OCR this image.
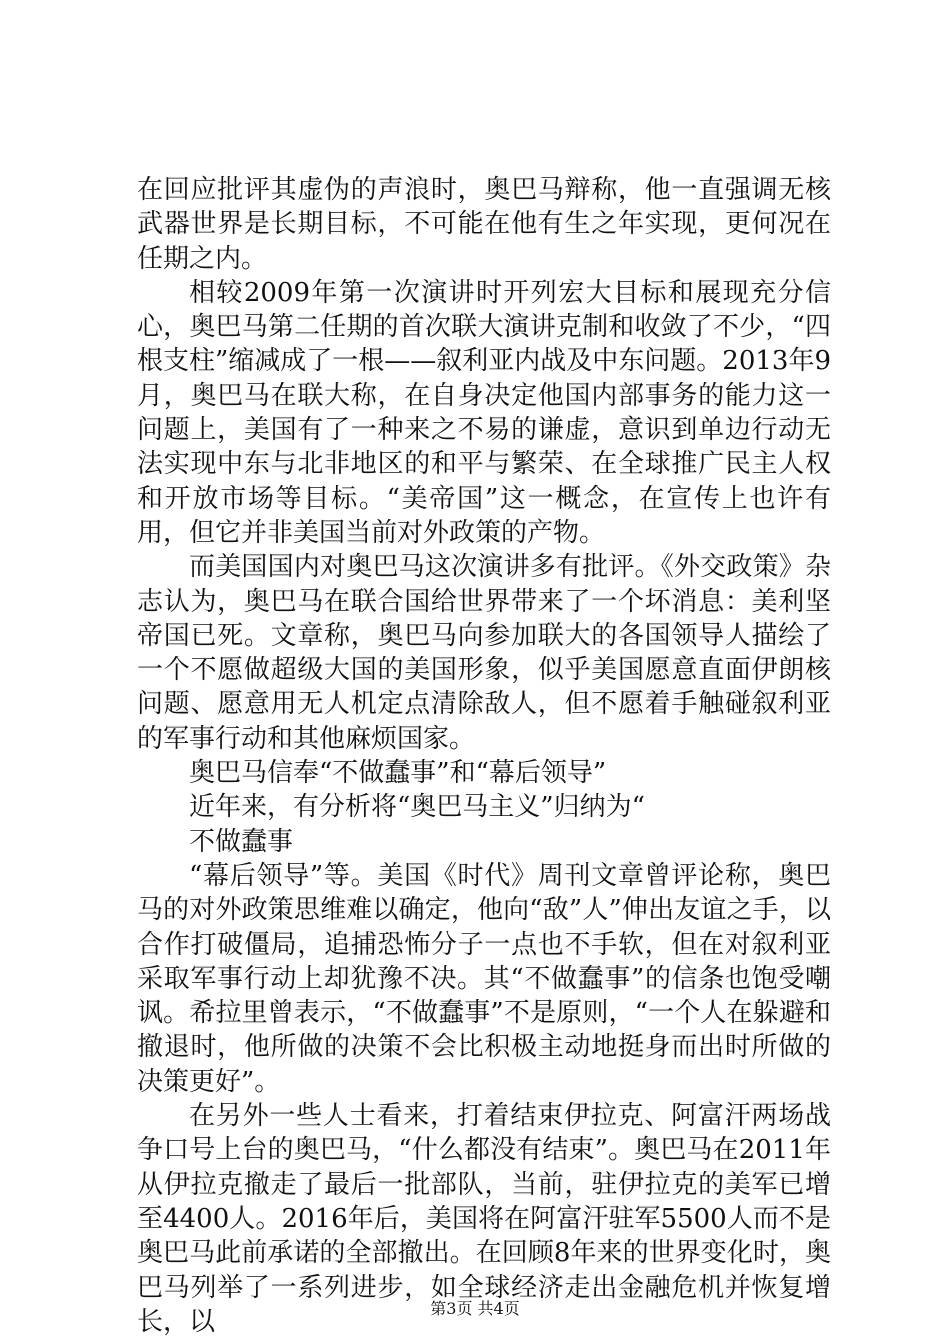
在回应批评其虚伪的声浪时，奥巴马辩称，他一直强调无核武器世界是长期目标，不可能在他有生之年实现，更何况在任期之内。

相较2009年第一次演讲时开列宏大目标和展现充分信心，奥巴马第二任期的首次联大演讲克制和收敛了不少，“四根支柱”缩减成了一根——叙利亚内战及中东问题。2013年9月，奥巴马在联大称，在自身决定他国内部事务的能力这一问题上，美国有了一种来之不易的谦虚，意识到单边行动无法实现中东与北非地区的和平与繁荣、在全球推广民主人权和开放市场等目标。“美帝国”这一概念，在宣传上也许有用，但它并非美国当前对外政策的产物。

而美国国内对奥巴马这次演讲多有批评。《外交政策》杂志认为，奥巴马在联合国给世界带来了一个坏消息：美利坚帝国已死。文章称，奥巴马向参加联大的各国领导人描绘了一个不愿做超级大国的美国形象，似乎美国愿意直面伊朗核问题、愿意用无人机定点清除敌人，但不愿着手触碰叙利亚的军事行动和其他麻烦国家。

奥巴马信奉“不做蠢事”和“幕后领导”

近年来，有分析将“奥巴马主义”归纳为“

不做蠢事

“幕后领导”等。美国《时代》周刊文章曾评论称，奥巴马的对外政策思维难以确定，他向“敌”人”伸出友谊之手，以合作打破僵局，追捕恐怖分子一点也不手软，但在对叙利亚采取军事行动上却犹豫不决。其“不做蠢事”的信条也饱受嘲讽。希拉里曾表示，“不做蠢事”不是原则，“一个人在躲避和撤退时，他所做的决策不会比积极主动地挺身而出时所做的决策更好”。

在另外一些人士看来，打着结束伊拉克、阿富汗两场战争口号上台的奥巴马，“什么都没有结束”。奥巴马在2011年从伊拉克撤走了最后一批部队，当前，驻伊拉克的美军已增至4400人。2016年后，美国将在阿富汗驻军5500人而不是奥巴马此前承诺的全部撤出。在回顾8年来的世界变化时，奥巴马列举了一系列进步，如全球经济走出金融危机并恢复增长，以	第3页 共4页
